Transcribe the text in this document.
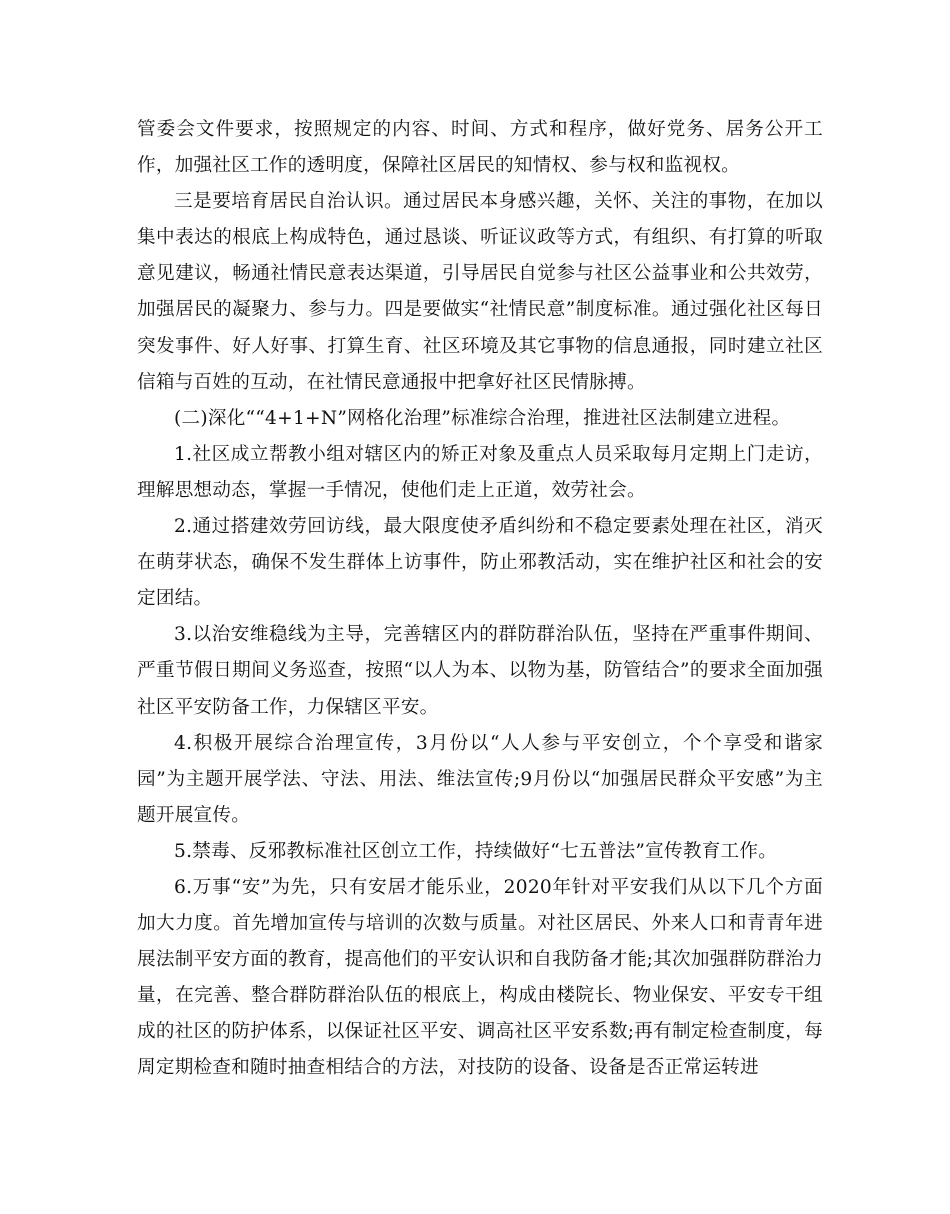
管委会文件要求，按照规定的内容、时间、方式和程序，做好党务、居务公开工作，加强社区工作的透明度，保障社区居民的知情权、参与权和监视权。

三是要培育居民自治认识。通过居民本身感兴趣，关怀、关注的事物，在加以集中表达的根底上构成特色，通过恳谈、听证议政等方式，有组织、有打算的听取意见建议，畅通社情民意表达渠道，引导居民自觉参与社区公益事业和公共效劳，加强居民的凝聚力、参与力。四是要做实“社情民意”制度标准。通过强化社区每日突发事件、好人好事、打算生育、社区环境及其它事物的信息通报，同时建立社区信箱与百姓的互动，在社情民意通报中把拿好社区民情脉搏。

(二)深化““4+1+N”网格化治理”标准综合治理，推进社区法制建立进程。

1.社区成立帮教小组对辖区内的矫正对象及重点人员采取每月定期上门走访，理解思想动态，掌握一手情况，使他们走上正道，效劳社会。

2.通过搭建效劳回访线，最大限度使矛盾纠纷和不稳定要素处理在社区，消灭在萌芽状态，确保不发生群体上访事件，防止邪教活动，实在维护社区和社会的安定团结。

3.以治安维稳线为主导，完善辖区内的群防群治队伍，坚持在严重事件期间、严重节假日期间义务巡查，按照“以人为本、以物为基，防管结合”的要求全面加强社区平安防备工作，力保辖区平安。

4.积极开展综合治理宣传，3月份以“人人参与平安创立，个个享受和谐家园”为主题开展学法、守法、用法、维法宣传;9月份以“加强居民群众平安感”为主题开展宣传。

5.禁毒、反邪教标准社区创立工作，持续做好“七五普法”宣传教育工作。

6.万事“安”为先，只有安居才能乐业，2020年针对平安我们从以下几个方面加大力度。首先增加宣传与培训的次数与质量。对社区居民、外来人口和青青年进展法制平安方面的教育，提高他们的平安认识和自我防备才能;其次加强群防群治力量，在完善、整合群防群治队伍的根底上，构成由楼院长、物业保安、平安专干组成的社区的防护体系，以保证社区平安、调高社区平安系数;再有制定检查制度，每周定期检查和随时抽查相结合的方法，对技防的设备、设备是否正常运转进
